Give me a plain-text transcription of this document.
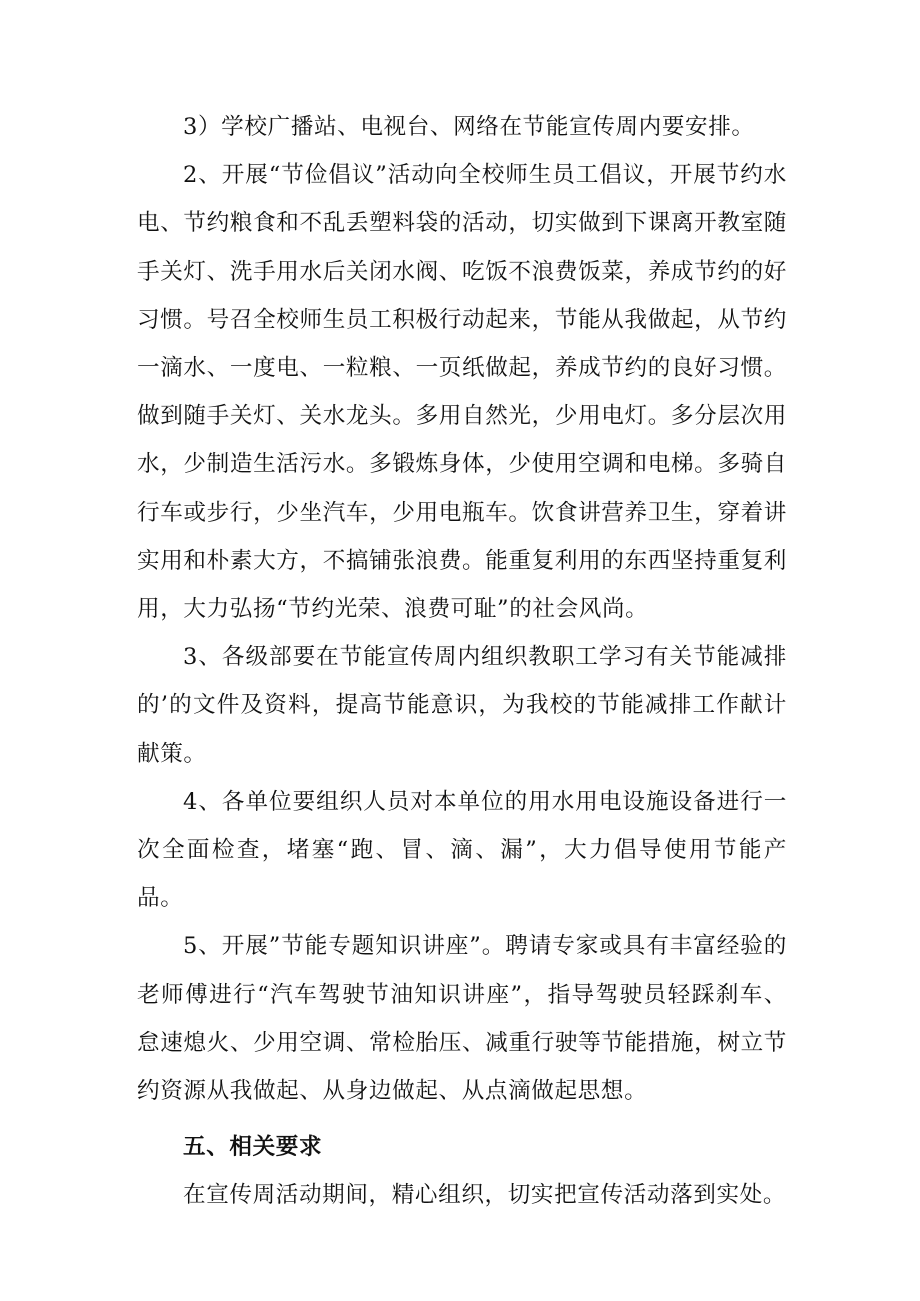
3）学校广播站、电视台、网络在节能宣传周内要安排。

2、开展“节俭倡议”活动向全校师生员工倡议，开展节约水电、节约粮食和不乱丢塑料袋的活动，切实做到下课离开教室随手关灯、洗手用水后关闭水阀、吃饭不浪费饭菜，养成节约的好习惯。号召全校师生员工积极行动起来，节能从我做起，从节约一滴水、一度电、一粒粮、一页纸做起，养成节约的良好习惯。做到随手关灯、关水龙头。多用自然光，少用电灯。多分层次用水，少制造生活污水。多锻炼身体，少使用空调和电梯。多骑自行车或步行，少坐汽车，少用电瓶车。饮食讲营养卫生，穿着讲实用和朴素大方，不搞铺张浪费。能重复利用的东西坚持重复利用，大力弘扬“节约光荣、浪费可耻”的社会风尚。

3、各级部要在节能宣传周内组织教职工学习有关节能减排的’的文件及资料，提高节能意识，为我校的节能减排工作献计献策。

4、各单位要组织人员对本单位的用水用电设施设备进行一次全面检查，堵塞“跑、冒、滴、漏”，大力倡导使用节能产品。

5、开展”节能专题知识讲座”。聘请专家或具有丰富经验的老师傅进行“汽车驾驶节油知识讲座”，指导驾驶员轻踩刹车、怠速熄火、少用空调、常检胎压、减重行驶等节能措施，树立节约资源从我做起、从身边做起、从点滴做起思想。

五、相关要求

在宣传周活动期间，精心组织，切实把宣传活动落到实处。
